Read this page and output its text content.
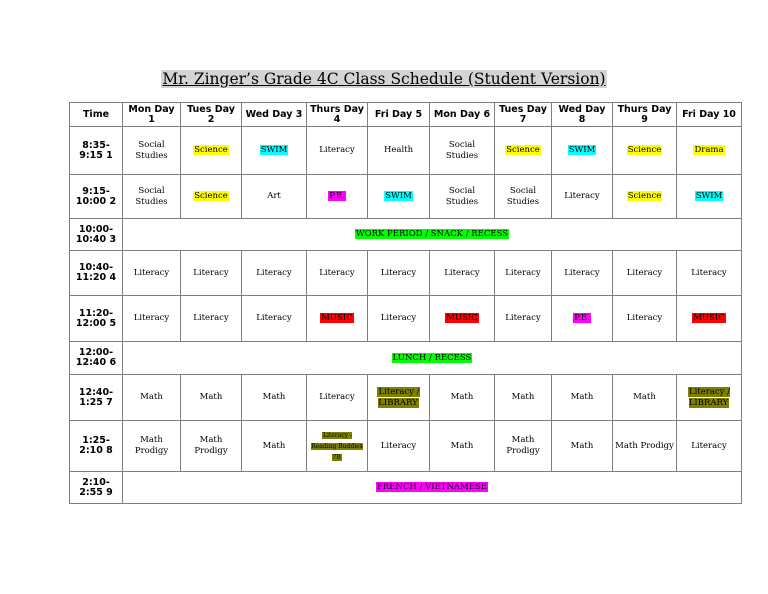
Mr. Zinger’s Grade 4C Class Schedule (Student Version)
Time	Mon Day 1	Tues Day 2	Wed Day 3	Thurs Day 4	Fri Day 5	Mon Day 6	Tues Day 7	Wed Day 8	Thurs Day 9	Fri Day 10
8:35- 9:15 1	Social Studies	Science	SWIM	Literacy	Health	Social Studies	Science	SWIM	Science	Drama
9:15- 10:00 2	Social Studies	Science	Art	P.E.	SWIM	Social Studies	Social Studies	Literacy	Science	SWIM
10:00- 10:40 3	WORK PERIOD / SNACK / RECESS									
10:40- 11:20 4	Literacy	Literacy	Literacy	Literacy	Literacy	Literacy	Literacy	Literacy	Literacy	Literacy
11:20- 12:00 5	Literacy	Literacy	Literacy	MUSIC	Literacy	MUSIC	Literacy	P.E.	Literacy	MUSIC
12:00- 12:40 6	LUNCH / RECESS									
12:40- 1:25 7	Math	Math	Math	Literacy	Literacy / LIBRARY	Math	Math	Math	Math	Literacy / LIBRARY
1:25- 2:10 8	Math Prodigy	Math Prodigy	Math	Literacy - Reading Buddies 7B	Literacy	Math	Math Prodigy	Math	Math Prodigy	Literacy
2:10- 2:55 9	FRENCH / VIETNAMESE									
